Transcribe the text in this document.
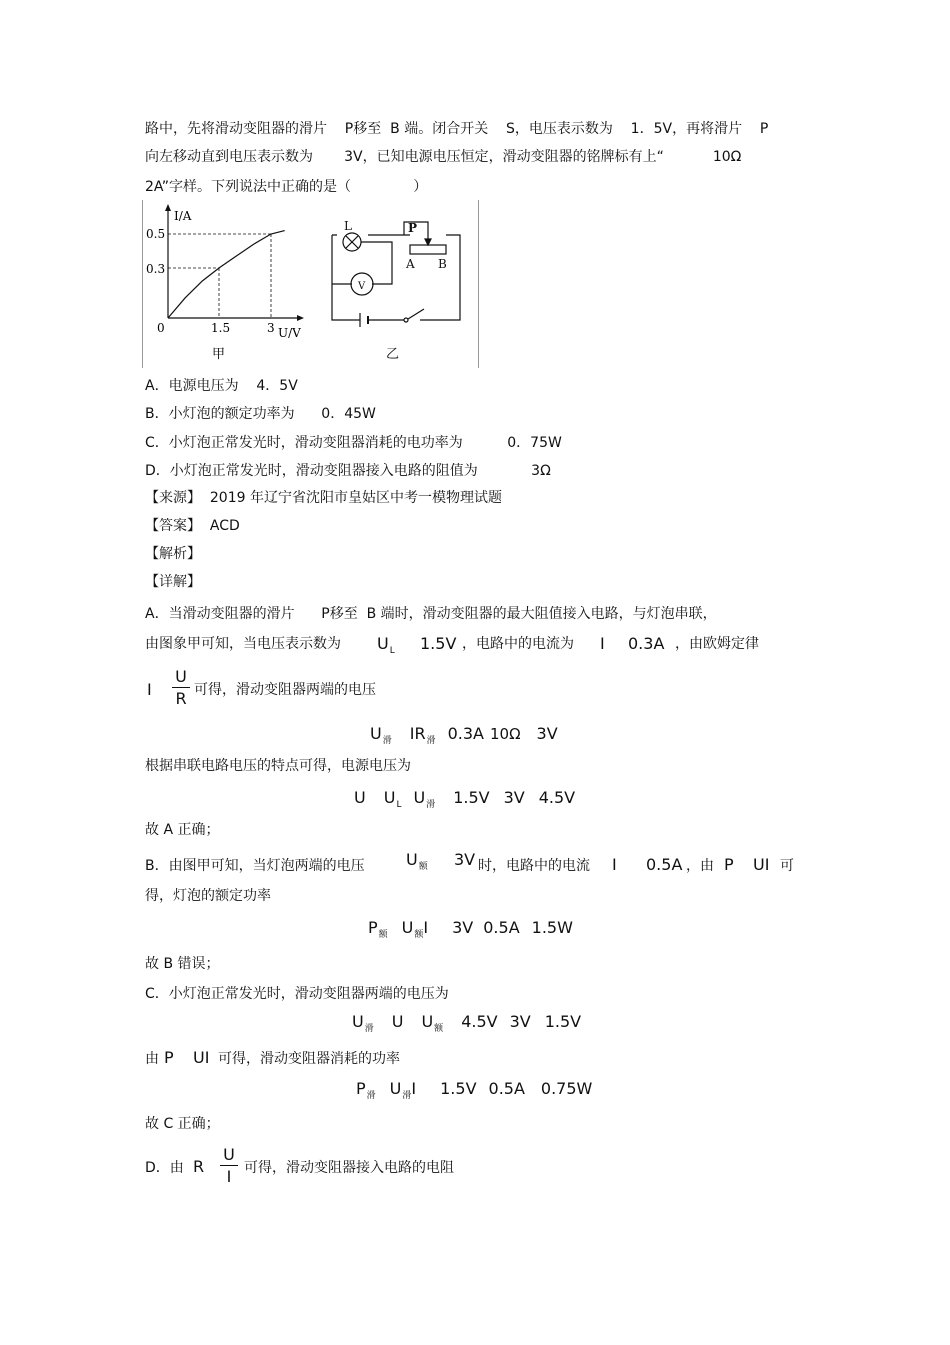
路中，先将滑动变阻器的滑片    P移至  B 端。闭合开关    S，电压表示数为    1．5V，再将滑片    P
向左移动直到电压表示数为       3V，已知电源电压恒定，滑动变阻器的铭牌标有上“           10Ω
2A”字样。下列说法中正确的是（              ）
I/A
U/V
0.5
0.3
0	1.5	3
甲
L	P
A B
V
乙
A．电源电压为    4．5V
B．小灯泡的额定功率为      0．45W
C．小灯泡正常发光时，滑动变阻器消耗的电功率为          0．75W
D．小灯泡正常发光时，滑动变阻器接入电路的阻值为            3Ω
【来源】  2019 年辽宁省沈阳市皇姑区中考一模物理试题
【答案】  ACD
【解析】
【详解】
A．当滑动变阻器的滑片      P移至  B 端时，滑动变阻器的最大阻值接入电路，与灯泡串联，
由图象甲可知，当电压表示数为 $U_L$ 1.5V ，电路中的电流为 I 0.3A ，由欧姆定律
I
U
R 可得，滑动变阻器两端的电压
$U_滑$ $IR_滑$ 0.3A 10Ω 3V
根据串联电路电压的特点可得，电源电压为
U $U_L$ $U_滑$ 1.5V 3V 4.5V
故 A 正确；
B．由图甲可知，当灯泡两端的电压	$U_额$ 3V 时，电路中的电流 I 0.5A ，由 P UI 可
得，灯泡的额定功率
$P_额$ $U_额I$ 3V 0.5A 1.5W
故 B 错误；
C．小灯泡正常发光时，滑动变阻器两端的电压为
$U_滑$ U $U_额$ 4.5V 3V 1.5V
由 P UI 可得，滑动变阻器消耗的功率
$P_滑$ $U_滑I$ 1.5V 0.5A 0.75W
故 C 正确；
D．由 R
U
I 可得，滑动变阻器接入电路的电阻
